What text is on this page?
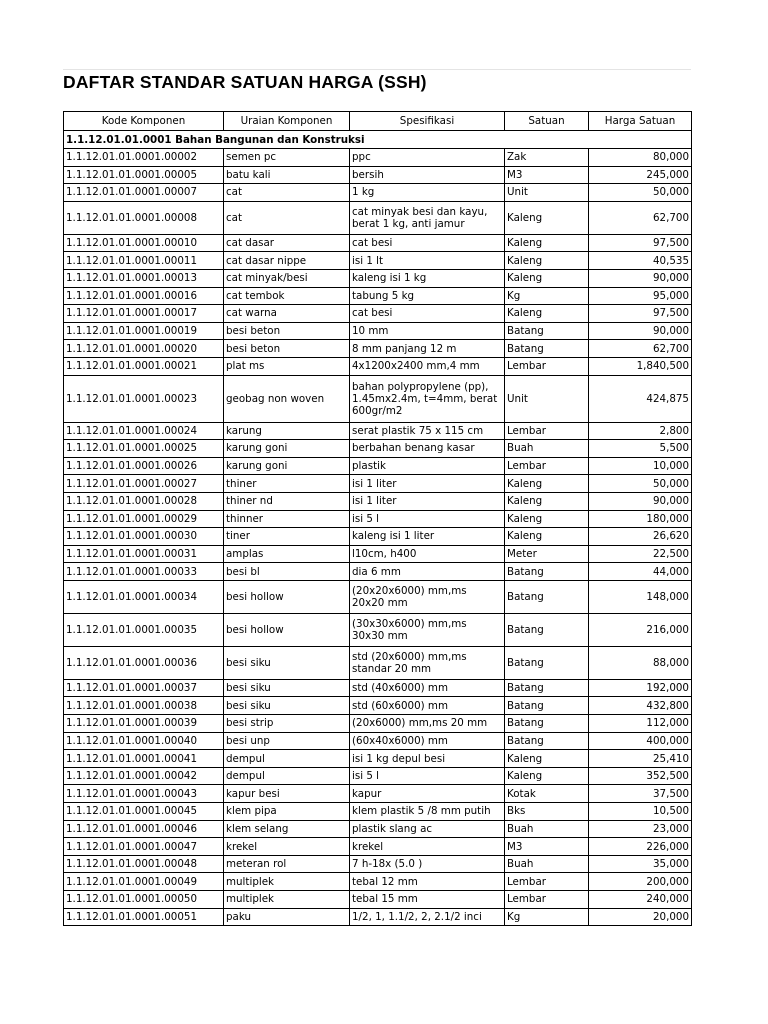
DAFTAR STANDAR SATUAN HARGA (SSH)
Kode Komponen	Uraian Komponen	Spesifikasi	Satuan	Harga Satuan
1.1.12.01.01.0001 Bahan Bangunan dan Konstruksi				
1.1.12.01.01.0001.00002	semen pc	ppc	Zak	80,000
1.1.12.01.01.0001.00005	batu kali	bersih	M3	245,000
1.1.12.01.01.0001.00007	cat	1 kg	Unit	50,000
1.1.12.01.01.0001.00008	cat	cat minyak besi dan kayu, berat 1 kg, anti jamur	Kaleng	62,700
1.1.12.01.01.0001.00010	cat dasar	cat besi	Kaleng	97,500
1.1.12.01.01.0001.00011	cat dasar nippe	isi 1 lt	Kaleng	40,535
1.1.12.01.01.0001.00013	cat minyak/besi	kaleng isi 1 kg	Kaleng	90,000
1.1.12.01.01.0001.00016	cat tembok	tabung 5 kg	Kg	95,000
1.1.12.01.01.0001.00017	cat warna	cat besi	Kaleng	97,500
1.1.12.01.01.0001.00019	besi beton	10 mm	Batang	90,000
1.1.12.01.01.0001.00020	besi beton	8 mm panjang 12 m	Batang	62,700
1.1.12.01.01.0001.00021	plat ms	4x1200x2400 mm,4 mm	Lembar	1,840,500
1.1.12.01.01.0001.00023	geobag non woven	bahan polypropylene (pp), 1.45mx2.4m, t=4mm, berat 600gr/m2	Unit	424,875
1.1.12.01.01.0001.00024	karung	serat plastik 75 x 115 cm	Lembar	2,800
1.1.12.01.01.0001.00025	karung goni	berbahan benang kasar	Buah	5,500
1.1.12.01.01.0001.00026	karung goni	plastik	Lembar	10,000
1.1.12.01.01.0001.00027	thiner	isi 1 liter	Kaleng	50,000
1.1.12.01.01.0001.00028	thiner nd	isi 1 liter	Kaleng	90,000
1.1.12.01.01.0001.00029	thinner	isi 5 l	Kaleng	180,000
1.1.12.01.01.0001.00030	tiner	kaleng isi 1 liter	Kaleng	26,620
1.1.12.01.01.0001.00031	amplas	l10cm, h400	Meter	22,500
1.1.12.01.01.0001.00033	besi bl	dia 6 mm	Batang	44,000
1.1.12.01.01.0001.00034	besi hollow	(20x20x6000) mm,ms 20x20 mm	Batang	148,000
1.1.12.01.01.0001.00035	besi hollow	(30x30x6000) mm,ms 30x30 mm	Batang	216,000
1.1.12.01.01.0001.00036	besi siku	std (20x6000) mm,ms standar 20 mm	Batang	88,000
1.1.12.01.01.0001.00037	besi siku	std (40x6000) mm	Batang	192,000
1.1.12.01.01.0001.00038	besi siku	std (60x6000) mm	Batang	432,800
1.1.12.01.01.0001.00039	besi strip	(20x6000) mm,ms 20 mm	Batang	112,000
1.1.12.01.01.0001.00040	besi unp	(60x40x6000) mm	Batang	400,000
1.1.12.01.01.0001.00041	dempul	isi 1 kg depul besi	Kaleng	25,410
1.1.12.01.01.0001.00042	dempul	isi 5 l	Kaleng	352,500
1.1.12.01.01.0001.00043	kapur besi	kapur	Kotak	37,500
1.1.12.01.01.0001.00045	klem pipa	klem plastik 5 /8 mm putih	Bks	10,500
1.1.12.01.01.0001.00046	klem selang	plastik slang ac	Buah	23,000
1.1.12.01.01.0001.00047	krekel	krekel	M3	226,000
1.1.12.01.01.0001.00048	meteran rol	7 h-18x (5.0 )	Buah	35,000
1.1.12.01.01.0001.00049	multiplek	tebal 12 mm	Lembar	200,000
1.1.12.01.01.0001.00050	multiplek	tebal 15 mm	Lembar	240,000
1.1.12.01.01.0001.00051	paku	1/2, 1, 1.1/2, 2, 2.1/2 inci	Kg	20,000
